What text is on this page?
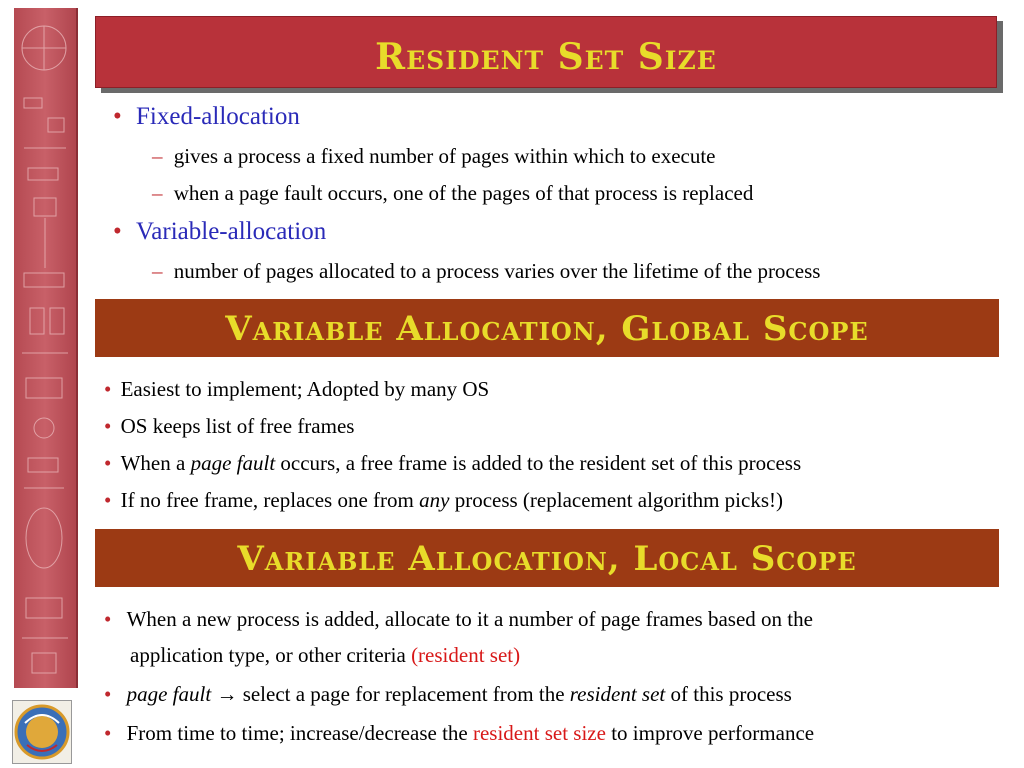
Resident Set Size
• Fixed-allocation
– gives a process a fixed number of pages within which to execute
– when a page fault occurs, one of the pages of that process is replaced
• Variable-allocation
– number of pages allocated to a process varies over the lifetime of the process
Variable Allocation, Global Scope
• Easiest to implement; Adopted by many OS
• OS keeps list of free frames
• When a page fault occurs, a free frame is added to the resident set of this process
• If no free frame, replaces one from any process (replacement algorithm picks!)
Variable Allocation, Local Scope
• When a new process is added, allocate to it a number of page frames based on the
application type, or other criteria (resident set)
• page fault → select a page for replacement from the resident set of this process
• From time to time; increase/decrease the resident set size to improve performance
